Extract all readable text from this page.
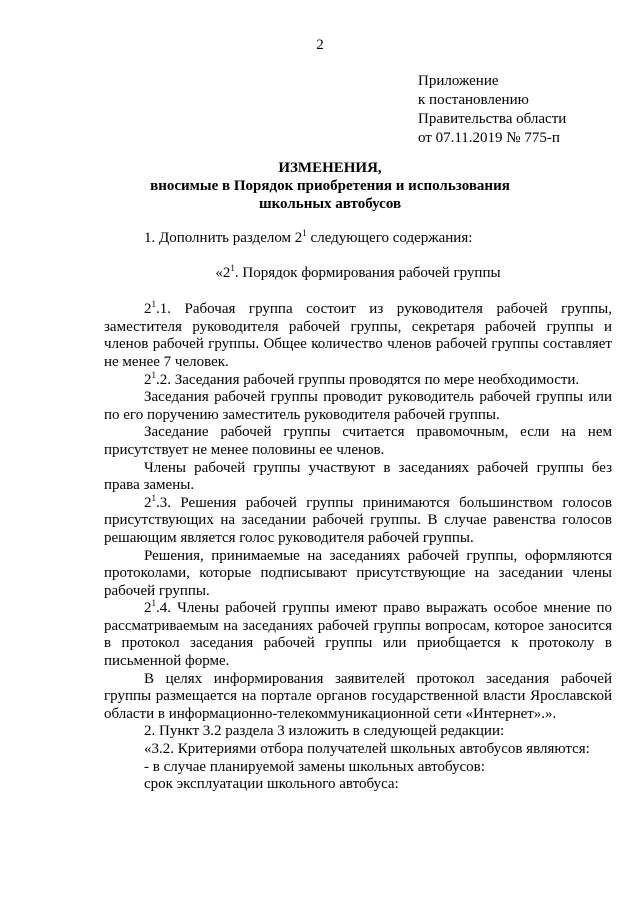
2
Приложение
к постановлению
Правительства области
от 07.11.2019 № 775-п
ИЗМЕНЕНИЯ,
вносимые в Порядок приобретения и использования
школьных автобусов

1. Дополнить разделом $2^1$ следующего содержания:

«$2^1$. Порядок формирования рабочей группы

$2^1.1$. Рабочая группа состоит из руководителя рабочей группы, заместителя руководителя рабочей группы, секретаря рабочей группы и членов рабочей группы. Общее количество членов рабочей группы составляет не менее 7 человек.

$2^1.2$. Заседания рабочей группы проводятся по мере необходимости.

Заседания рабочей группы проводит руководитель рабочей группы или по его поручению заместитель руководителя рабочей группы.

Заседание рабочей группы считается правомочным, если на нем присутствует не менее половины ее членов.

Члены рабочей группы участвуют в заседаниях рабочей группы без права замены.

$2^1.3$. Решения рабочей группы принимаются большинством голосов присутствующих на заседании рабочей группы. В случае равенства голосов решающим является голос руководителя рабочей группы.

Решения, принимаемые на заседаниях рабочей группы, оформляются протоколами, которые подписывают присутствующие на заседании члены рабочей группы.

$2^1.4$. Члены рабочей группы имеют право выражать особое мнение по рассматриваемым на заседаниях рабочей группы вопросам, которое заносится в протокол заседания рабочей группы или приобщается к протоколу в письменной форме.

В целях информирования заявителей протокол заседания рабочей группы размещается на портале органов государственной власти Ярославской области в информационно-телекоммуникационной сети «Интернет».».

2. Пункт 3.2 раздела 3 изложить в следующей редакции:

«3.2. Критериями отбора получателей школьных автобусов являются:

- в случае планируемой замены школьных автобусов:

срок эксплуатации школьного автобуса:
